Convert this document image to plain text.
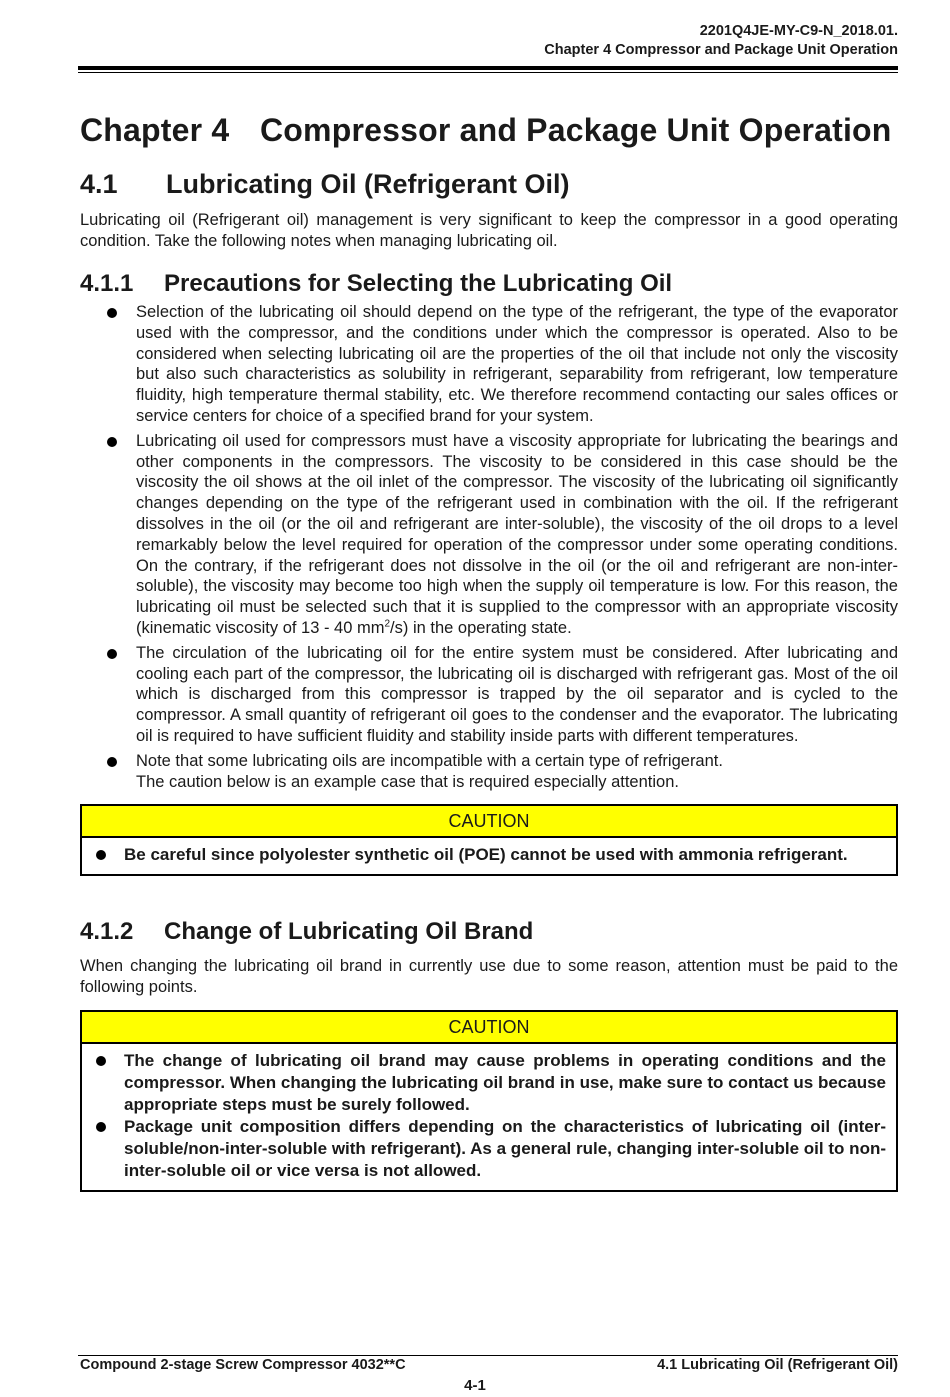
2201Q4JE-MY-C9-N_2018.01.
Chapter 4 Compressor and Package Unit Operation
Chapter 4 Compressor and Package Unit Operation
4.1 Lubricating Oil (Refrigerant Oil)

Lubricating oil (Refrigerant oil) management is very significant to keep the compressor in a good operating condition. Take the following notes when managing lubricating oil.

4.1.1 Precautions for Selecting the Lubricating Oil
Selection of the lubricating oil should depend on the type of the refrigerant, the type of the evaporator used with the compressor, and the conditions under which the compressor is operated. Also to be considered when selecting lubricating oil are the properties of the oil that include not only the viscosity but also such characteristics as solubility in refrigerant, separability from refrigerant, low temperature fluidity, high temperature thermal stability, etc. We therefore recommend contacting our sales offices or service centers for choice of a specified brand for your system.
Lubricating oil used for compressors must have a viscosity appropriate for lubricating the bearings and other components in the compressors. The viscosity to be considered in this case should be the viscosity the oil shows at the oil inlet of the compressor. The viscosity of the lubricating oil significantly changes depending on the type of the refrigerant used in combination with the oil. If the refrigerant dissolves in the oil (or the oil and refrigerant are inter-soluble), the viscosity of the oil drops to a level remarkably below the level required for operation of the compressor under some operating conditions. On the contrary, if the refrigerant does not dissolve in the oil (or the oil and refrigerant are non-inter-soluble), the viscosity may become too high when the supply oil temperature is low. For this reason, the lubricating oil must be selected such that it is supplied to the compressor with an appropriate viscosity (kinematic viscosity of 13 - 40 $mm^2/s$) in the operating state.
The circulation of the lubricating oil for the entire system must be considered. After lubricating and cooling each part of the compressor, the lubricating oil is discharged with refrigerant gas. Most of the oil which is discharged from this compressor is trapped by the oil separator and is cycled to the compressor. A small quantity of refrigerant oil goes to the condenser and the evaporator. The lubricating oil is required to have sufficient fluidity and stability inside parts with different temperatures.
Note that some lubricating oils are incompatible with a certain type of refrigerant.
The caution below is an example case that is required especially attention.
CAUTION
Be careful since polyolester synthetic oil (POE) cannot be used with ammonia refrigerant.
4.1.2 Change of Lubricating Oil Brand

When changing the lubricating oil brand in currently use due to some reason, attention must be paid to the following points.

CAUTION
The change of lubricating oil brand may cause problems in operating conditions and the compressor. When changing the lubricating oil brand in use, make sure to contact us because appropriate steps must be surely followed.
Package unit composition differs depending on the characteristics of lubricating oil (inter-soluble/non-inter-soluble with refrigerant). As a general rule, changing inter-soluble oil to non-inter-soluble oil or vice versa is not allowed.
Compound 2-stage Screw Compressor 4032**C	4.1 Lubricating Oil (Refrigerant Oil)
4-1
